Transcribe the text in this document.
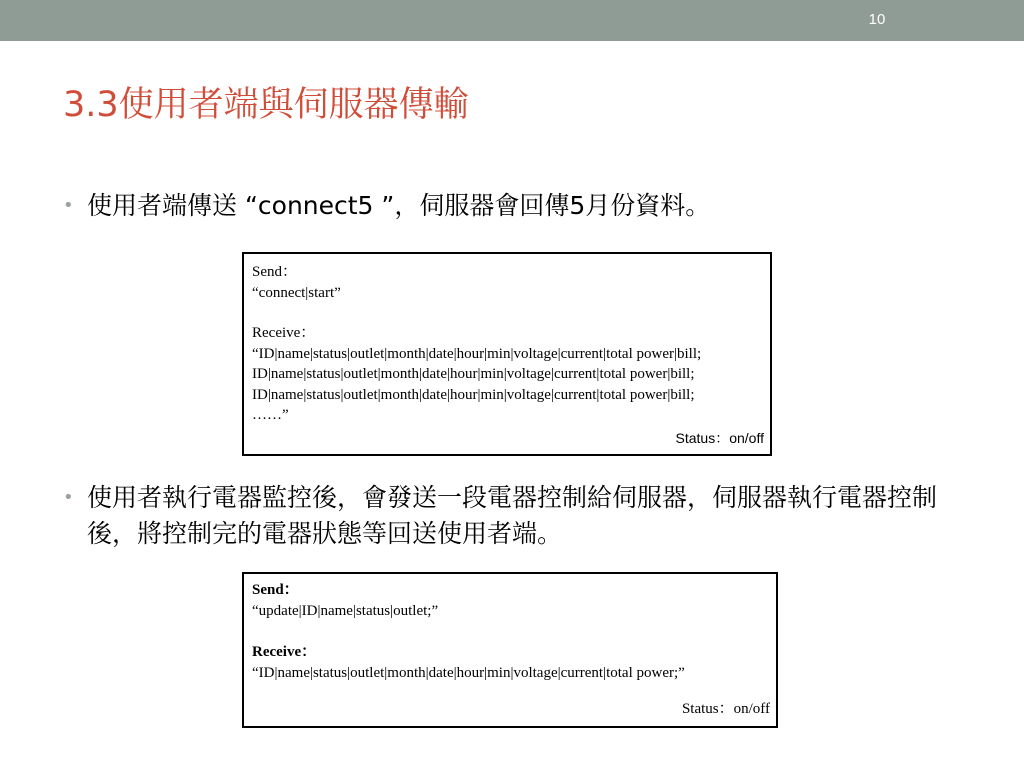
10
3.3使用者端與伺服器傳輸
• 使用者端傳送 “connect5 ”，伺服器會回傳5月份資料。
Send：
“connect|start”
Receive：
“ID|name|status|outlet|month|date|hour|min|voltage|current|total power|bill;
ID|name|status|outlet|month|date|hour|min|voltage|current|total power|bill;
ID|name|status|outlet|month|date|hour|min|voltage|current|total power|bill;
……”
Status：on/off
• 使用者執行電器監控後，會發送一段電器控制給伺服器，伺服器執行電器控制後，將控制完的電器狀態等回送使用者端。
Send：
“update|ID|name|status|outlet;”
Receive：
“ID|name|status|outlet|month|date|hour|min|voltage|current|total power;”
Status：on/off
